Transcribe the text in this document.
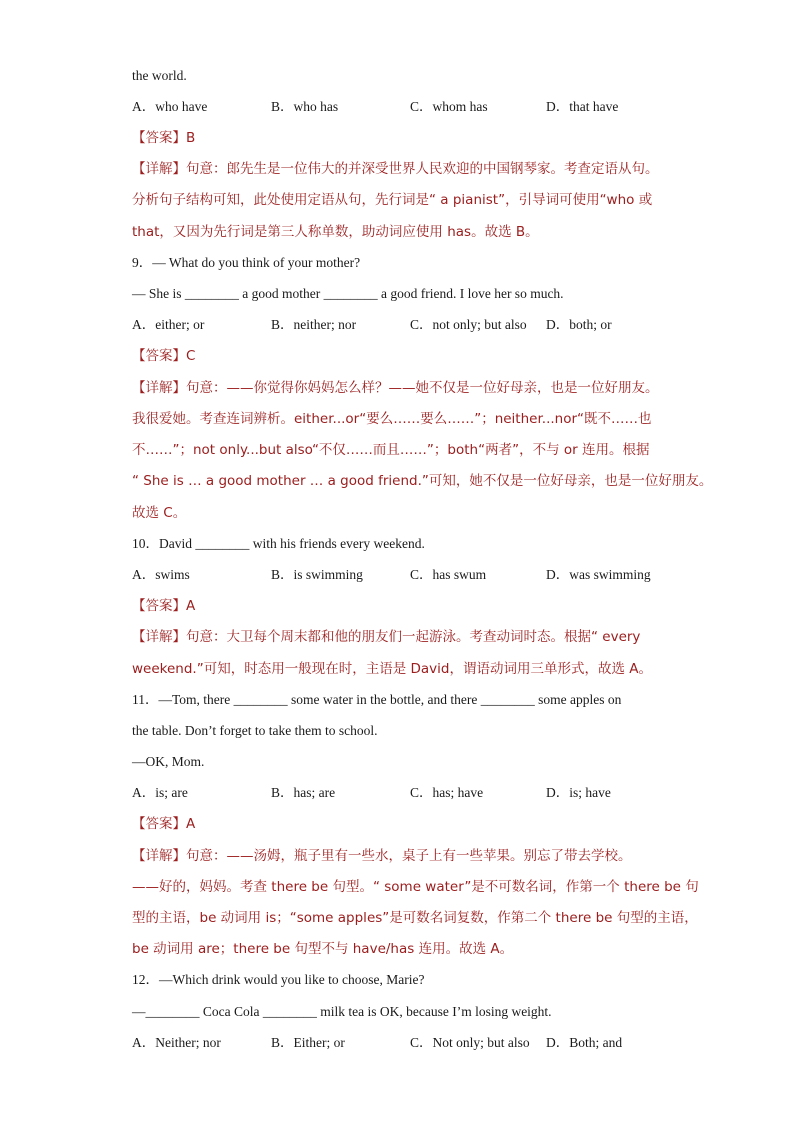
the world.
A．who have	B．who has	C．whom has	D．that have
【答案】B
【详解】句意：郎先生是一位伟大的并深受世界人民欢迎的中国钢琴家。考查定语从句。
分析句子结构可知，此处使用定语从句，先行词是“ a pianist”，引导词可使用“who 或
that，又因为先行词是第三人称单数，助动词应使用 has。故选 B。
9．— What do you think of your mother?
— She is ________ a good mother ________ a good friend. I love her so much.
A．either; or	B．neither; nor	C．not only; but also D．both; or
【答案】C
【详解】句意：——你觉得你妈妈怎么样？——她不仅是一位好母亲，也是一位好朋友。
我很爱她。考查连词辨析。either...or“要么……要么……”；neither...nor“既不……也
不……”；not only...but also“不仅……而且……”；both“两者”，不与 or 连用。根据
“ She is … a good mother … a good friend.”可知，她不仅是一位好母亲，也是一位好朋友。
故选 C。
10．David ________ with his friends every weekend.
A．swims	B．is swimming	C．has swum	D．was swimming
【答案】A
【详解】句意：大卫每个周末都和他的朋友们一起游泳。考查动词时态。根据“ every
weekend.”可知，时态用一般现在时，主语是 David，谓语动词用三单形式，故选 A。
11．—Tom, there ________ some water in the bottle, and there ________ some apples on
the table. Don’t forget to take them to school.
—OK, Mom.
A．is; are	B．has; are	C．has; have	D．is; have
【答案】A
【详解】句意：——汤姆，瓶子里有一些水，桌子上有一些苹果。别忘了带去学校。
——好的，妈妈。考查 there be 句型。“ some water”是不可数名词，作第一个 there be 句
型的主语，be 动词用 is；“some apples”是可数名词复数，作第二个 there be 句型的主语，
be 动词用 are；there be 句型不与 have/has 连用。故选 A。
12．—Which drink would you like to choose, Marie?
—________ Coca Cola ________ milk tea is OK, because I’m losing weight.
A．Neither; nor	B．Either; or	C．Not only; but also D．Both; and
